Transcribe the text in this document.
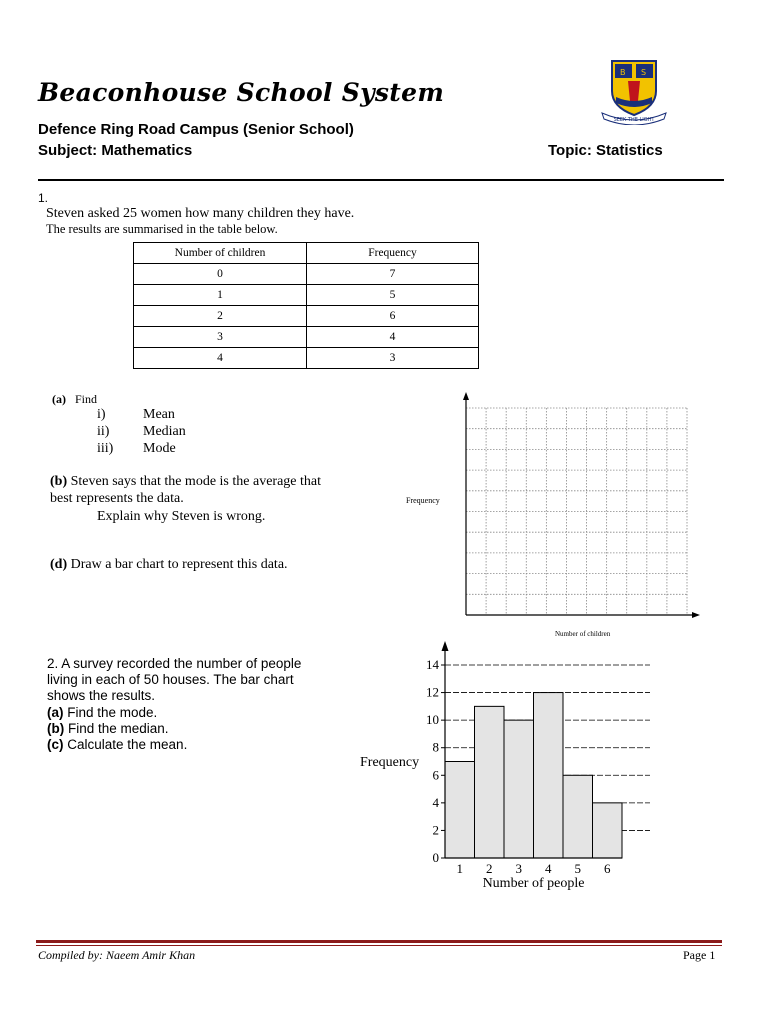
Beaconhouse School System
Defence Ring Road Campus (Senior School)
Subject: Mathematics	Topic: Statistics
B S
SEEK THE LIGHT
1.
Steven asked 25 women how many children they have.
The results are summarised in the table below.
Number of children	Frequency
0	7
1	5
2	6
3	4
4	3
(a) Find
i)	Mean
ii) Median
iii) Mode
(b) Steven says that the mode is the average that
best represents the data.
Explain why Steven is wrong.
(d) Draw a bar chart to represent this data.
Frequency
Number of children
2. A survey recorded the number of people
living in each of 50 houses. The bar chart
shows the results.
(a) Find the mode.
(b) Find the median.
(c) Calculate the mean.
0
2
4
6
8
10
12
14
1 2 3 4 5 6
Number of people
Frequency
Compiled by: Naeem Amir Khan	Page 1
